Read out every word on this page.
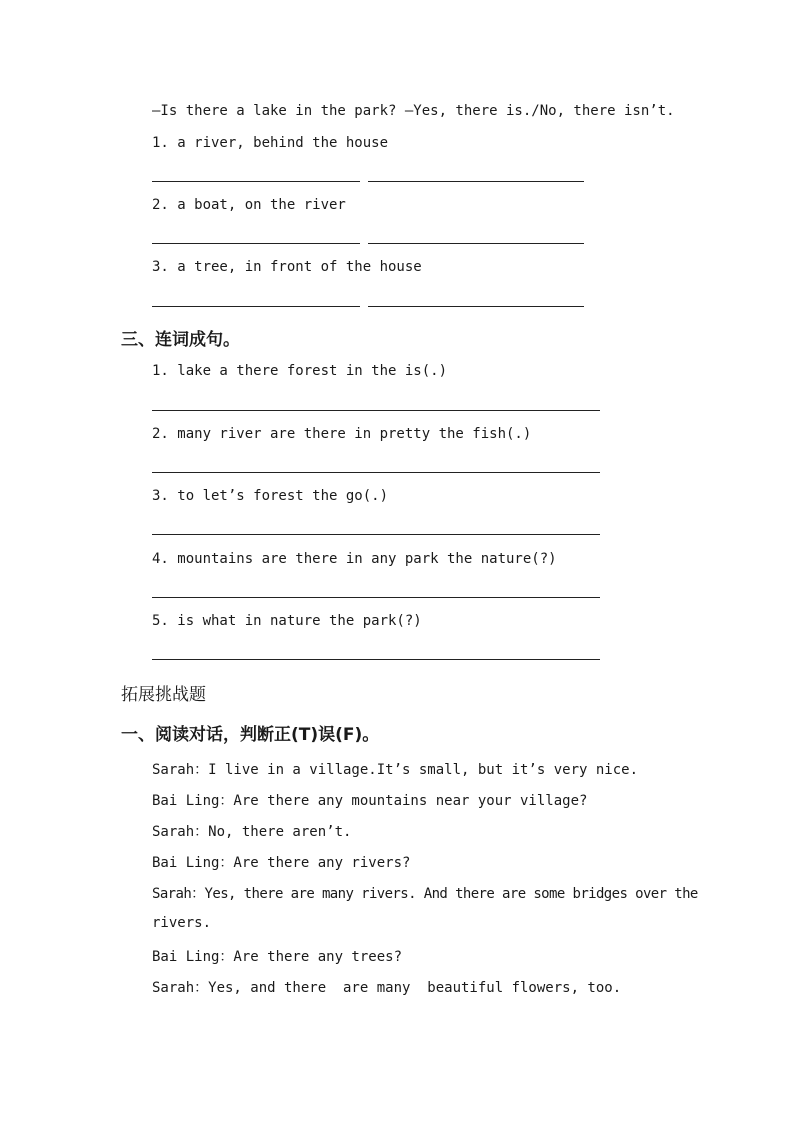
—Is there a lake in the park? —Yes, there is./No, there isn’t.
1. a river, behind the house
2. a boat, on the river
3. a tree, in front of the house
三、连词成句。
1. lake a there forest in the is(.)
2. many river are there in pretty the fish(.)
3. to let’s forest the go(.)
4. mountains are there in any park the nature(?)
5. is what in nature the park(?)
拓展挑战题
一、阅读对话，判断正(T)误(F)。
Sarah：I live in a village.It’s small, but it’s very nice.
Bai Ling：Are there any mountains near your village?
Sarah：No, there aren’t.
Bai Ling：Are there any rivers?
Sarah：Yes, there are many rivers. And there are some bridges over the
rivers.
Bai Ling：Are there any trees?
Sarah：Yes, and there  are many  beautiful flowers, too.
